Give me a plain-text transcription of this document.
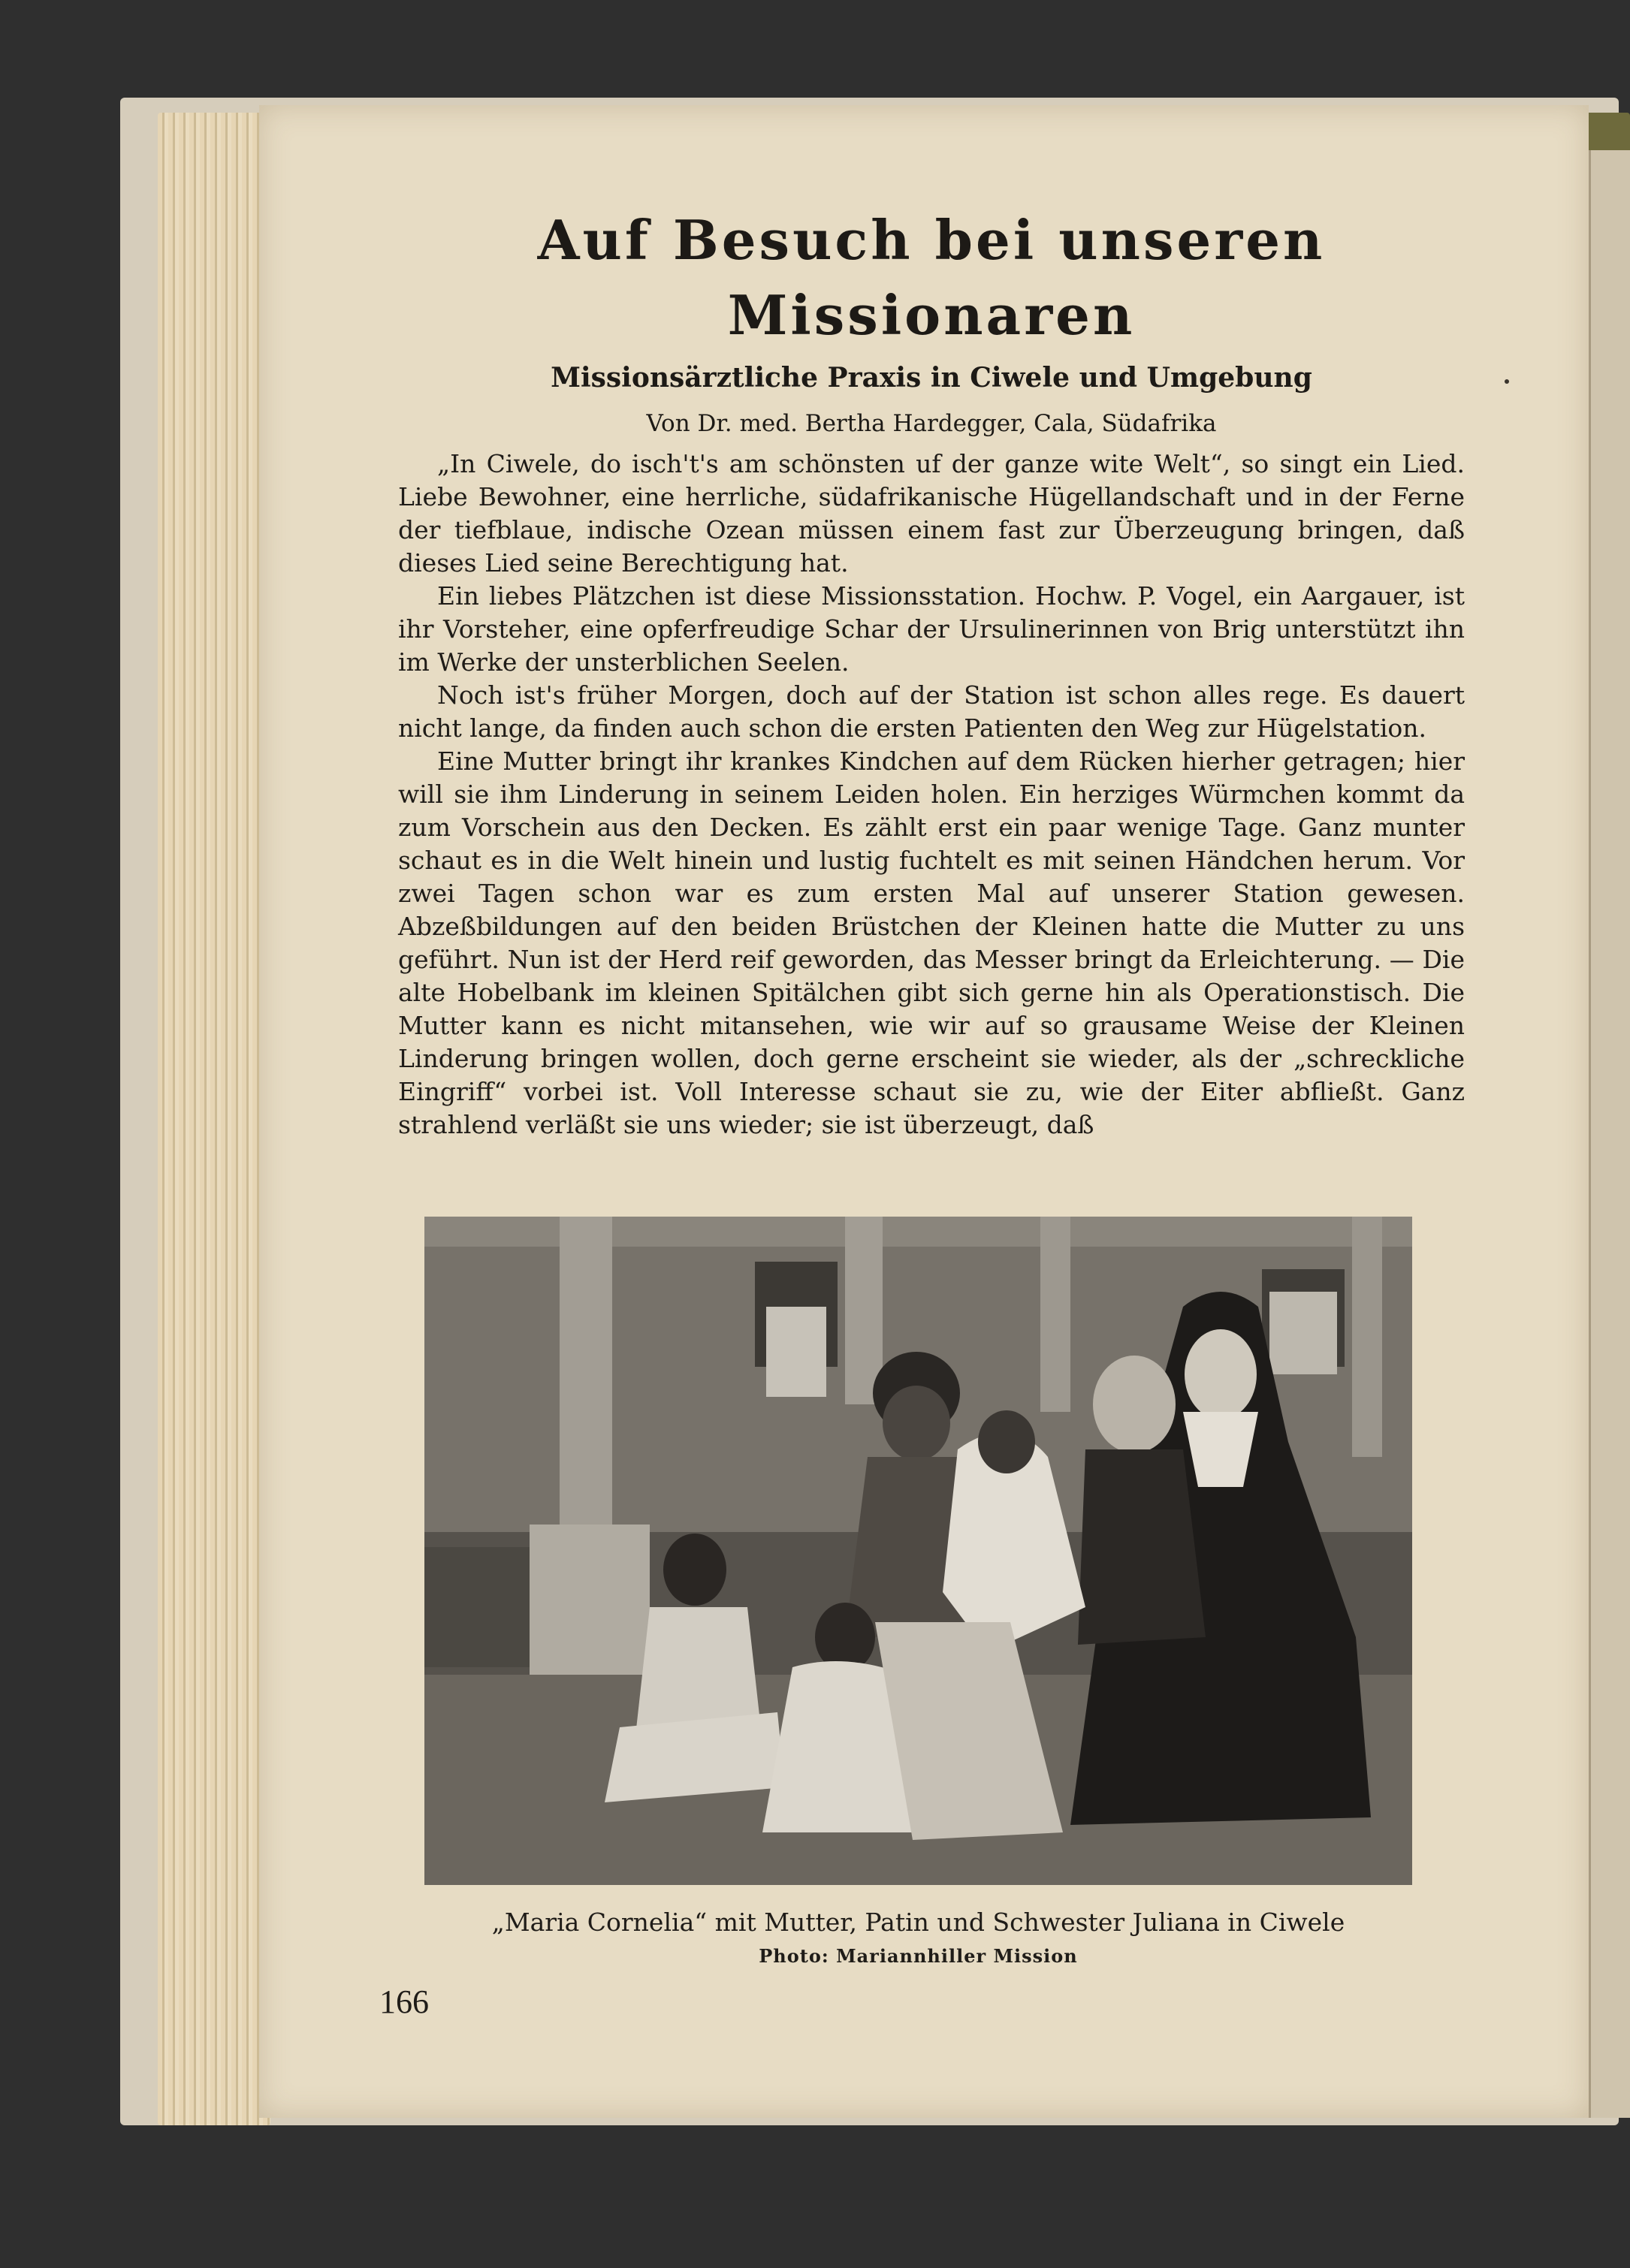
Auf Besuch bei unseren Missionaren
Missionsärztliche Praxis in Ciwele und Umgebung
Von Dr. med. Bertha Hardegger, Cala, Südafrika

„In Ciwele, do isch't's am schönsten uf der ganze wite Welt“, so singt ein Lied. Liebe Bewohner, eine herrliche, südafrikanische Hügellandschaft und in der Ferne der tiefblaue, indische Ozean müssen einem fast zur Überzeugung bringen, daß dieses Lied seine Berechtigung hat.

Ein liebes Plätzchen ist diese Missionsstation. Hochw. P. Vogel, ein Aargauer, ist ihr Vorsteher, eine opferfreudige Schar der Ursulinerinnen von Brig unterstützt ihn im Werke der unsterblichen Seelen.

Noch ist's früher Morgen, doch auf der Station ist schon alles rege. Es dauert nicht lange, da finden auch schon die ersten Patienten den Weg zur Hügelstation.

Eine Mutter bringt ihr krankes Kindchen auf dem Rücken hierher getragen; hier will sie ihm Linderung in seinem Leiden holen. Ein herziges Würmchen kommt da zum Vorschein aus den Decken. Es zählt erst ein paar wenige Tage. Ganz munter schaut es in die Welt hinein und lustig fuchtelt es mit seinen Händchen herum. Vor zwei Tagen schon war es zum ersten Mal auf unserer Station gewesen. Abzeßbildungen auf den beiden Brüstchen der Kleinen hatte die Mutter zu uns geführt. Nun ist der Herd reif geworden, das Messer bringt da Erleichterung. — Die alte Hobelbank im kleinen Spitälchen gibt sich gerne hin als Operationstisch. Die Mutter kann es nicht mitansehen, wie wir auf so grausame Weise der Kleinen Linderung bringen wollen, doch gerne erscheint sie wieder, als der „schreckliche Eingriff“ vorbei ist. Voll Interesse schaut sie zu, wie der Eiter abfließt. Ganz strahlend verläßt sie uns wieder; sie ist überzeugt, daß

„Maria Cornelia“ mit Mutter, Patin und Schwester Juliana in Ciwele

Photo: Mariannhiller Mission

166
